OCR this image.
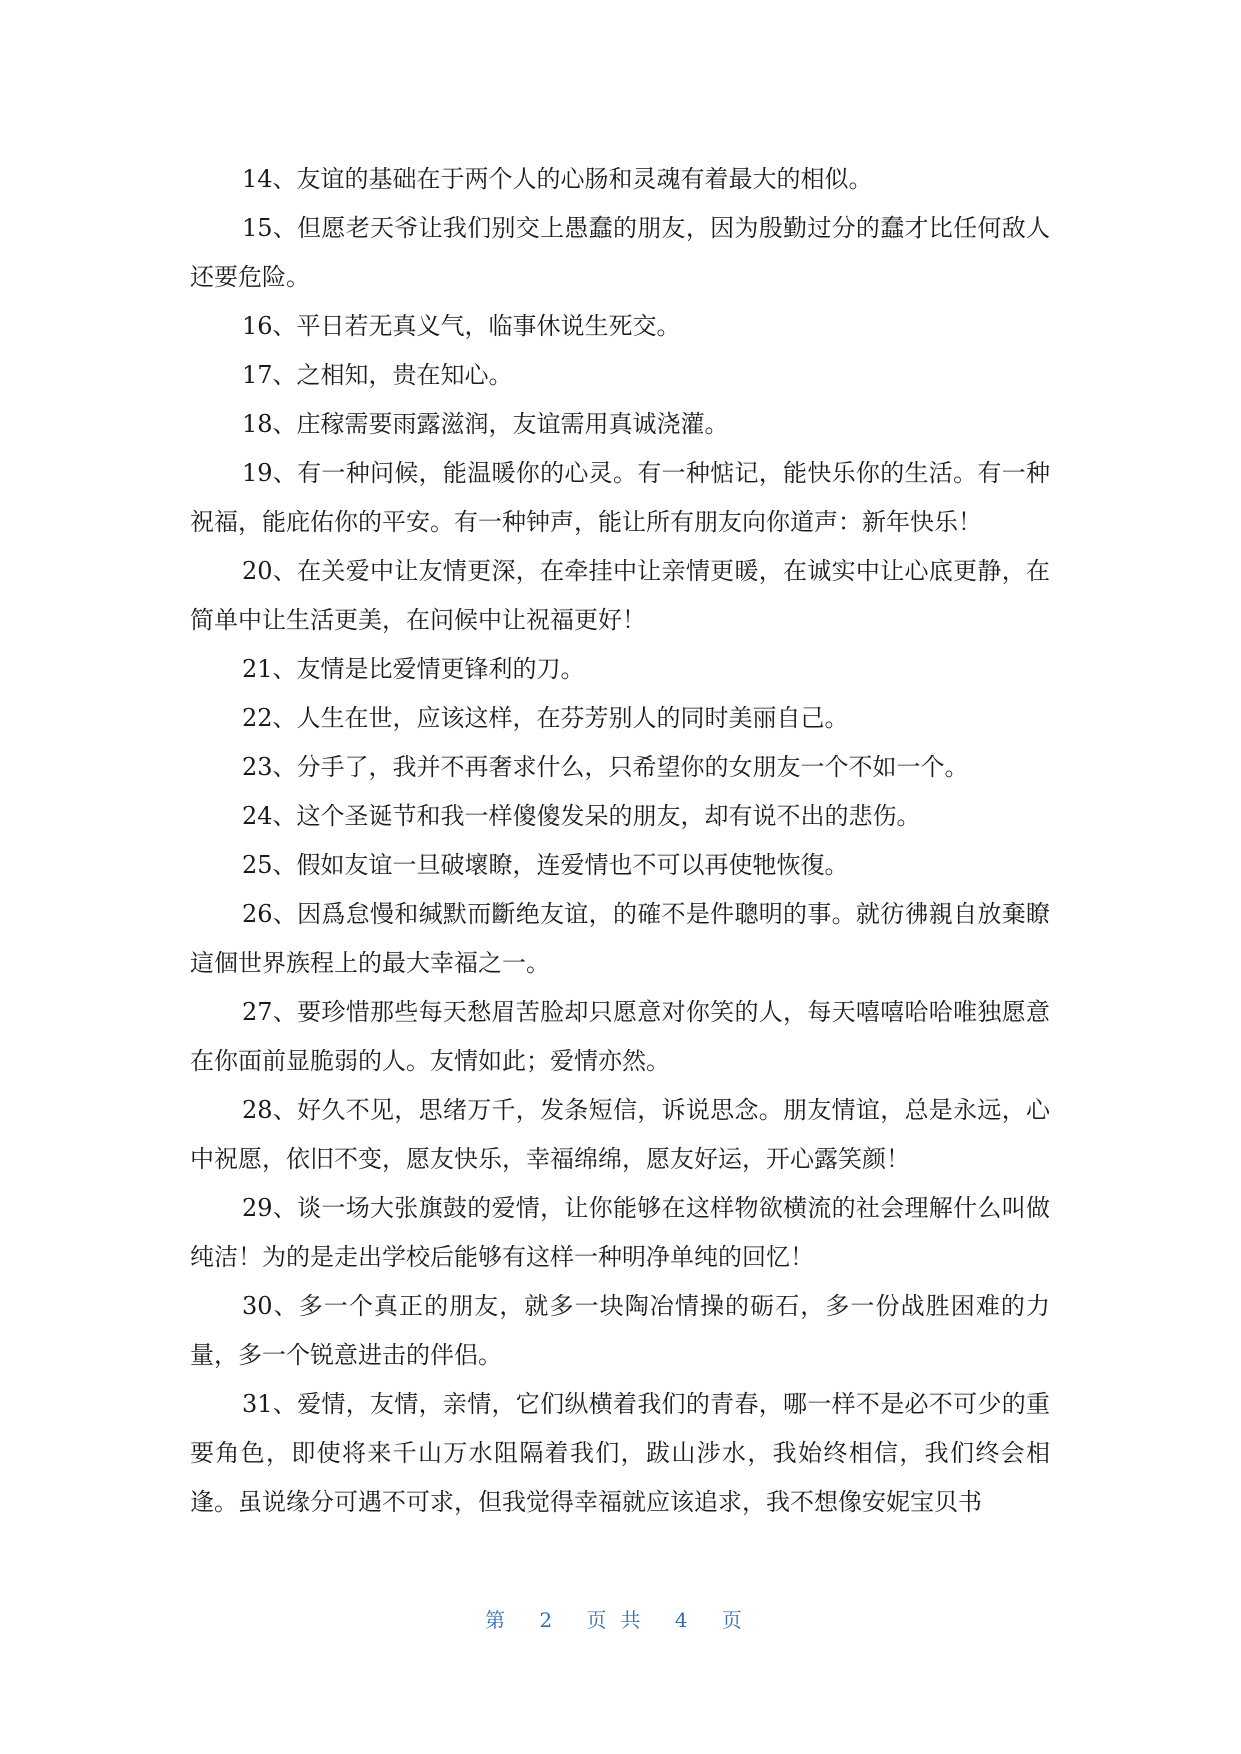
14、友谊的基础在于两个人的心肠和灵魂有着最大的相似。

15、但愿老天爷让我们别交上愚蠢的朋友，因为殷勤过分的蠢才比任何敌人还要危险。

16、平日若无真义气，临事休说生死交。

17、之相知，贵在知心。

18、庄稼需要雨露滋润，友谊需用真诚浇灌。

19、有一种问候，能温暖你的心灵。有一种惦记，能快乐你的生活。有一种祝福，能庇佑你的平安。有一种钟声，能让所有朋友向你道声：新年快乐！

20、在关爱中让友情更深，在牵挂中让亲情更暖，在诚实中让心底更静，在简单中让生活更美，在问候中让祝福更好！

21、友情是比爱情更锋利的刀。

22、人生在世，应该这样，在芬芳别人的同时美丽自己。

23、分手了，我并不再奢求什么，只希望你的女朋友一个不如一个。

24、这个圣诞节和我一样傻傻发呆的朋友，却有说不出的悲伤。

25、假如友谊一旦破壞瞭，连爱情也不可以再使牠恢復。

26、因爲怠慢和缄默而斷绝友谊，的確不是件聰明的事。就彷彿親自放棄瞭這個世界族程上的最大幸福之一。

27、要珍惜那些每天愁眉苦脸却只愿意对你笑的人，每天嘻嘻哈哈唯独愿意在你面前显脆弱的人。友情如此；爱情亦然。

28、好久不见，思绪万千，发条短信，诉说思念。朋友情谊，总是永远，心中祝愿，依旧不变，愿友快乐，幸福绵绵，愿友好运，开心露笑颜！

29、谈一场大张旗鼓的爱情，让你能够在这样物欲横流的社会理解什么叫做纯洁！为的是走出学校后能够有这样一种明净单纯的回忆！

30、多一个真正的朋友，就多一块陶冶情操的砺石，多一份战胜困难的力量，多一个锐意进击的伴侣。

31、爱情，友情，亲情，它们纵横着我们的青春，哪一样不是必不可少的重要角色，即使将来千山万水阻隔着我们，跋山涉水，我始终相信，我们终会相逢。虽说缘分可遇不可求，但我觉得幸福就应该追求，我不想像安妮宝贝书

第 2 页共 4 页
